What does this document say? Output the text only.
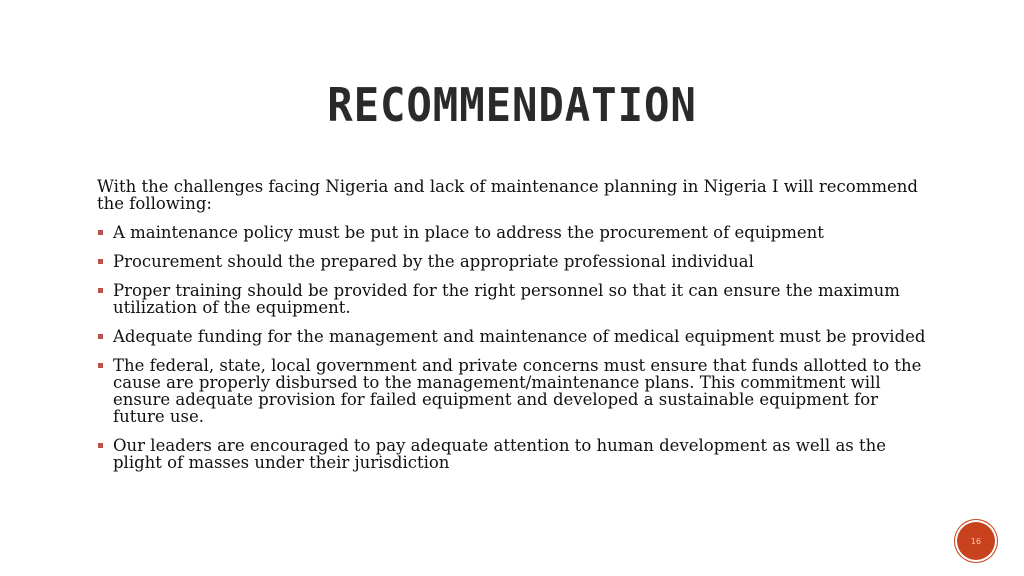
RECOMMENDATION

With the challenges facing Nigeria and lack of maintenance planning in Nigeria I will recommend the following:

A maintenance policy must be put in place to address the procurement of equipment
Procurement should the prepared by the appropriate professional individual
Proper training should be provided for the right personnel so that it can ensure the maximum utilization of the equipment.
Adequate funding for the management and maintenance of medical equipment must be provided
The federal, state, local government and private concerns must ensure that funds allotted to the cause are properly disbursed to the management/maintenance plans. This commitment will ensure adequate provision for failed equipment and developed a sustainable equipment for future use.
Our leaders are encouraged to pay adequate attention to human development as well as the plight of masses under their jurisdiction
16
